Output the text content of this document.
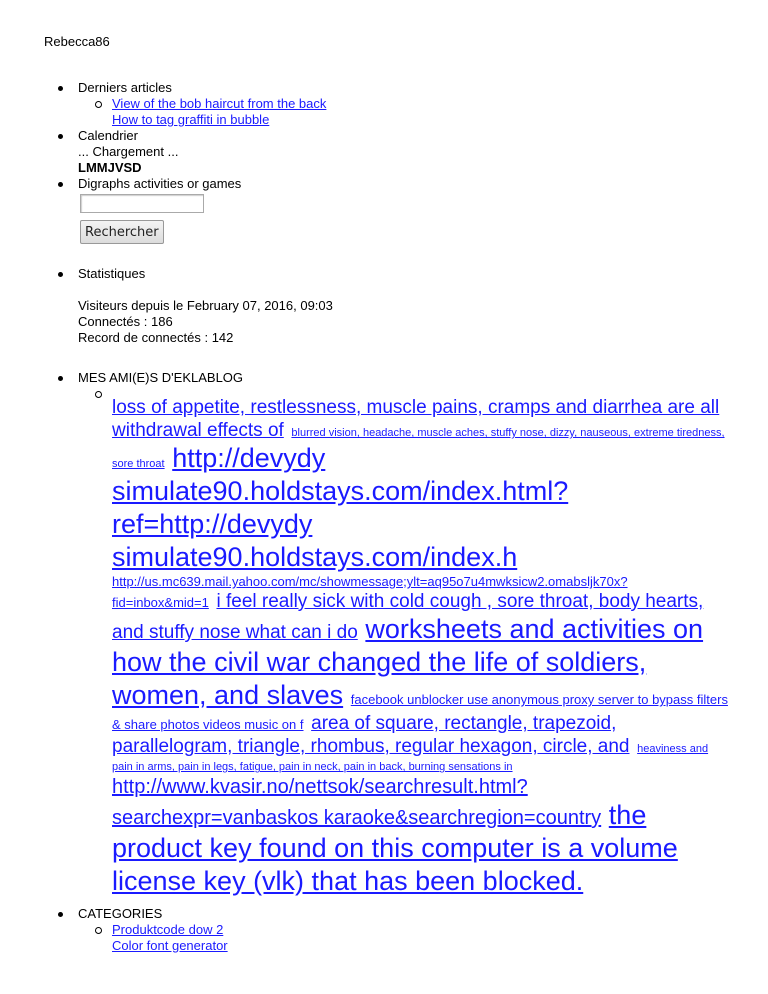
Rebecca86
Derniers articles
View of the bob haircut from the back
How to tag graffiti in bubble
Calendrier
... Chargement ...
LMMJVSD
Digraphs activities or games
Rechercher
Statistiques
Visiteurs depuis le February 07, 2016, 09:03
Connectés : 186
Record de connectés : 142
MES AMI(E)S D'EKLABLOG
loss of appetite, restlessness, muscle pains, cramps and diarrhea are all withdrawal effects of blurred vision, headache, muscle aches, stuffy nose, dizzy, nauseous, extreme tiredness, sore throat http://devydy simulate90.holdstays.com/index.html?ref=http://devydy simulate90.holdstays.com/index.h http://us.mc639.mail.yahoo.com/mc/showmessage;ylt=aq95o7u4mwksicw2.omabsljk70x?fid=inbox&mid=1 i feel really sick with cold cough , sore throat, body hearts, and stuffy nose what can i do worksheets and activities on how the civil war changed the life of soldiers, women, and slaves facebook unblocker use anonymous proxy server to bypass filters & share photos videos music on f area of square, rectangle, trapezoid, parallelogram, triangle, rhombus, regular hexagon, circle, and heaviness and pain in arms, pain in legs, fatigue, pain in neck, pain in back, burning sensations in http://www.kvasir.no/nettsok/searchresult.html?searchexpr=vanbaskos karaoke&searchregion=country the product key found on this computer is a volume license key (vlk) that has been blocked.
CATEGORIES
Produktcode dow 2
Color font generator
